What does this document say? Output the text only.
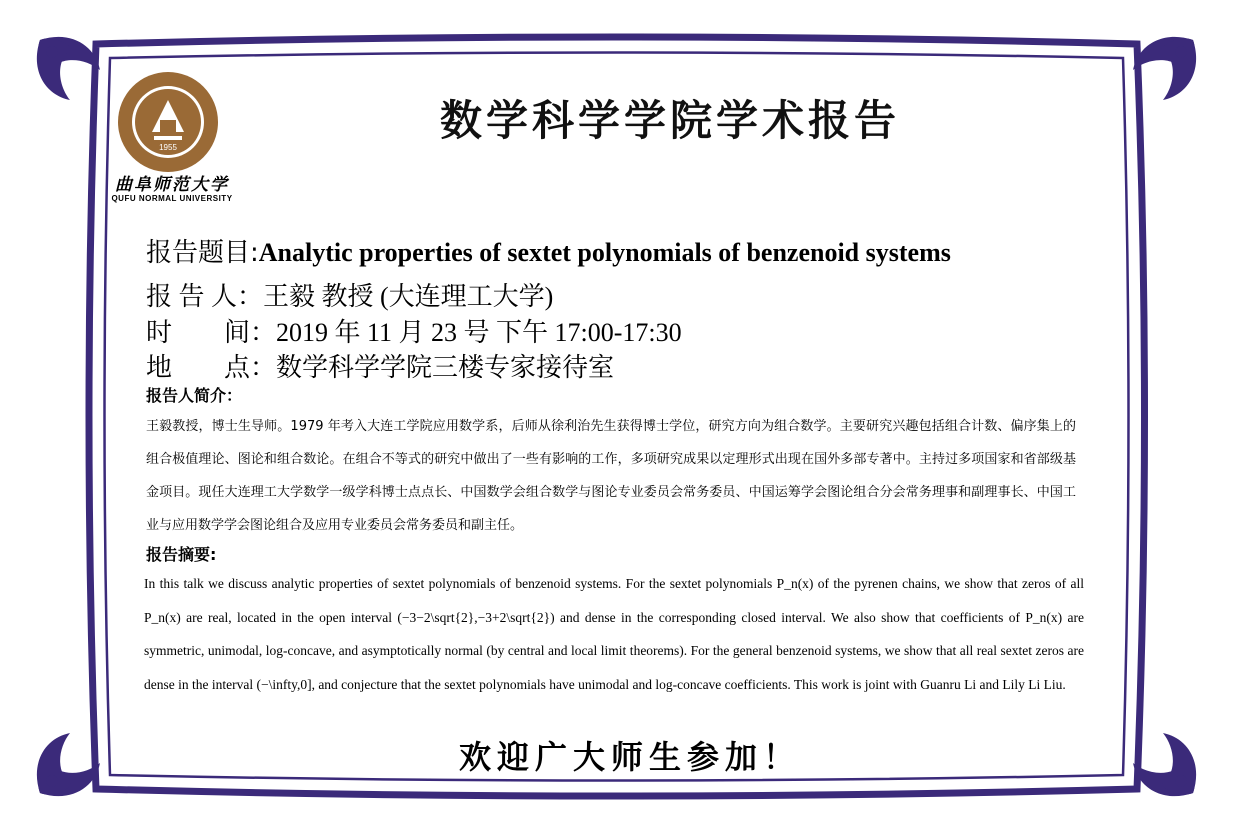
1955
曲阜师范大学
QUFU NORMAL UNIVERSITY
数学科学学院学术报告
报告题目:Analytic properties of sextet polynomials of benzenoid systems
报 告 人：王毅 教授 (大连理工大学)
时　　间：2019 年 11 月 23 号 下午 17:00-17:30
地　　点：数学科学学院三楼专家接待室
报告人简介：
王毅教授，博士生导师。1979 年考入大连工学院应用数学系，后师从徐利治先生获得博士学位，研究方向为组合数学。主要研究兴趣包括组合计数、偏序集上的组合极值理论、图论和组合数论。在组合不等式的研究中做出了一些有影响的工作，多项研究成果以定理形式出现在国外多部专著中。主持过多项国家和省部级基金项目。现任大连理工大学数学一级学科博士点点长、中国数学会组合数学与图论专业委员会常务委员、中国运筹学会图论组合分会常务理事和副理事长、中国工业与应用数学学会图论组合及应用专业委员会常务委员和副主任。
报告摘要:
In this talk we discuss analytic properties of sextet polynomials of benzenoid systems. For the sextet polynomials P_n(x) of the pyrenen chains, we show that zeros of all P_n(x) are real, located in the open interval (−3−2\sqrt{2},−3+2\sqrt{2}) and dense in the corresponding closed interval. We also show that coefficients of P_n(x) are symmetric, unimodal, log-concave, and asymptotically normal (by central and local limit theorems). For the general benzenoid systems, we show that all real sextet zeros are dense in the interval (−\infty,0], and conjecture that the sextet polynomials have unimodal and log-concave coefficients. This work is joint with Guanru Li and Lily Li Liu.
欢迎广大师生参加！
